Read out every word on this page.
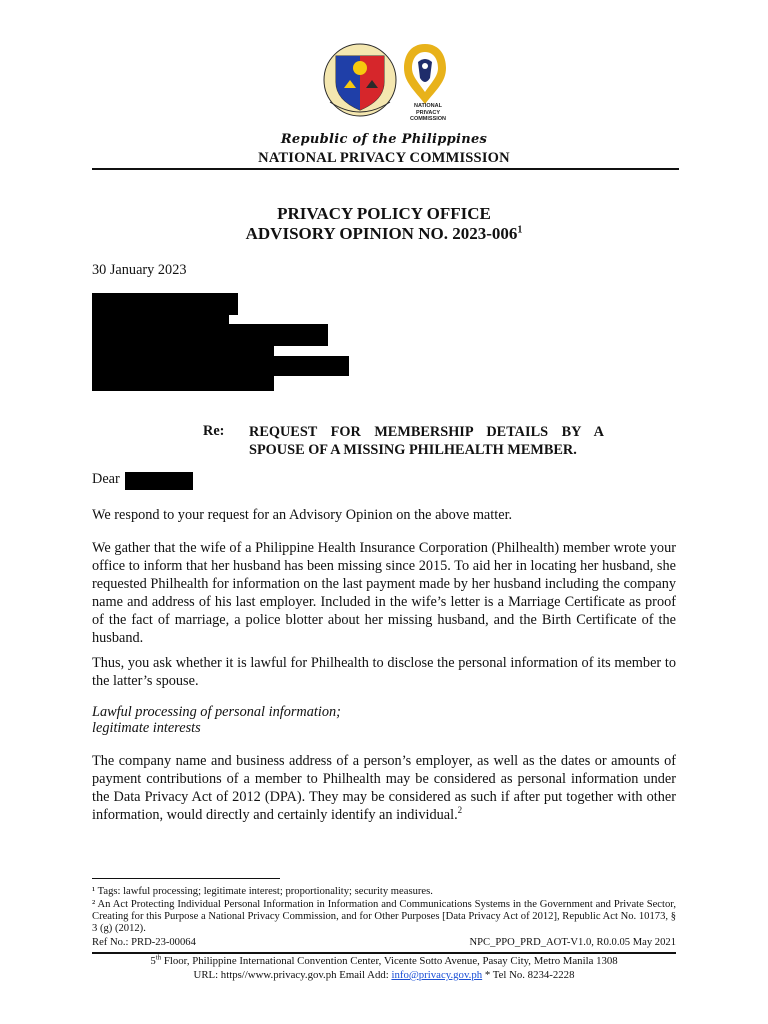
NATIONAL
PRIVACY
COMMISSION
Republic of the Philippines
NATIONAL PRIVACY COMMISSION
PRIVACY POLICY OFFICE
ADVISORY OPINION NO. $2023-006^1$
30 January 2023
Re: REQUEST FOR MEMBERSHIP DETAILS BY A SPOUSE OF A MISSING PHILHEALTH MEMBER.
Dear
We respond to your request for an Advisory Opinion on the above matter.
We gather that the wife of a Philippine Health Insurance Corporation (Philhealth) member wrote your office to inform that her husband has been missing since 2015. To aid her in locating her husband, she requested Philhealth for information on the last payment made by her husband including the company name and address of his last employer. Included in the wife’s letter is a Marriage Certificate as proof of the fact of marriage, a police blotter about her missing husband, and the Birth Certificate of the husband.
Thus, you ask whether it is lawful for Philhealth to disclose the personal information of its member to the latter’s spouse.
Lawful processing of personal information;
legitimate interests
The company name and business address of a person’s employer, as well as the dates or amounts of payment contributions of a member to Philhealth may be considered as personal information under the Data Privacy Act of 2012 (DPA). They may be considered as such if after put together with other information, would directly and certainly identify an individual.$^2$
¹ Tags: lawful processing; legitimate interest; proportionality; security measures.
² An Act Protecting Individual Personal Information in Information and Communications Systems in the Government and Private Sector, Creating for this Purpose a National Privacy Commission, and for Other Purposes [Data Privacy Act of 2012], Republic Act No. 10173, § 3 (g) (2012).
Ref No.: PRD-23-00064	NPC_PPO_PRD_AOT-V1.0, R0.0.05 May 2021
5th Floor, Philippine International Convention Center, Vicente Sotto Avenue, Pasay City, Metro Manila 1308
URL: https//www.privacy.gov.ph Email Add: info@privacy.gov.ph * Tel No. 8234-2228
